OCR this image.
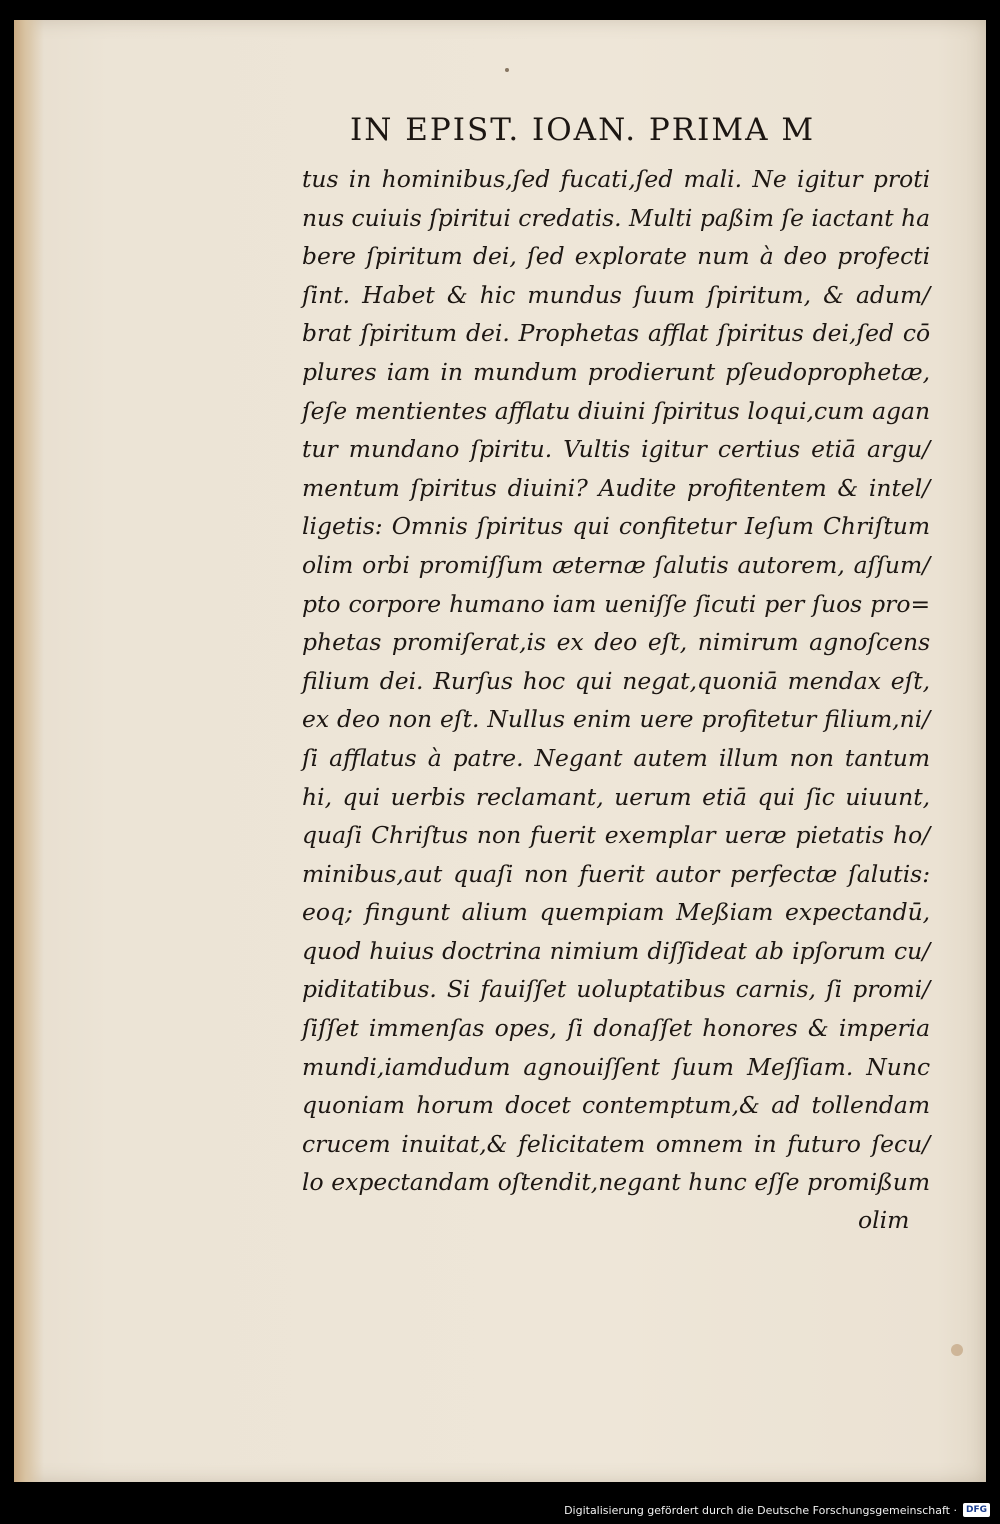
IN EPIST. IOAN. PRIMA M
tus in hominibus,ſed fucati,ſed mali. Ne igitur proti
nus cuiuis ſpiritui credatis. Multi paßim ſe iactant ha
bere ſpiritum dei, ſed explorate num à deo profecti
ſint. Habet & hic mundus ſuum ſpiritum, & adum/
brat ſpiritum dei. Prophetas afflat ſpiritus dei,ſed cō
plures iam in mundum prodierunt pſeudoprophetæ,
ſeſe mentientes afflatu diuini ſpiritus loqui,cum agan
tur mundano ſpiritu. Vultis igitur certius etiā argu/
mentum ſpiritus diuini? Audite profitentem & intel/
ligetis: Omnis ſpiritus qui confitetur Ieſum Chriſtum
olim orbi promiſſum æternæ ſalutis autorem, aſſum/
pto corpore humano iam ueniſſe ſicuti per ſuos pro=
phetas promiſerat,is ex deo eſt, nimirum agnoſcens
filium dei. Rurſus hoc qui negat,quoniā mendax eſt,
ex deo non eſt. Nullus enim uere profitetur filium,ni/
ſi afflatus à patre. Negant autem illum non tantum
hi, qui uerbis reclamant, uerum etiā qui ſic uiuunt,
quaſi Chriſtus non fuerit exemplar ueræ pietatis ho/
minibus,aut quaſi non fuerit autor perfectæ ſalutis:
eoq; fingunt alium quempiam Meßiam expectandū,
quod huius doctrina nimium diſſideat ab ipſorum cu/
piditatibus. Si fauiſſet uoluptatibus carnis, ſi promi/
ſiſſet immenſas opes, ſi donaſſet honores & imperia
mundi,iamdudum agnouiſſent ſuum Meſſiam. Nunc
quoniam horum docet contemptum,& ad tollendam
crucem inuitat,& felicitatem omnem in futuro ſecu/
lo expectandam oſtendit,negant hunc eſſe promißum
olim
Digitalisierung gefördert durch die Deutsche Forschungsgemeinschaft ·	DFG
